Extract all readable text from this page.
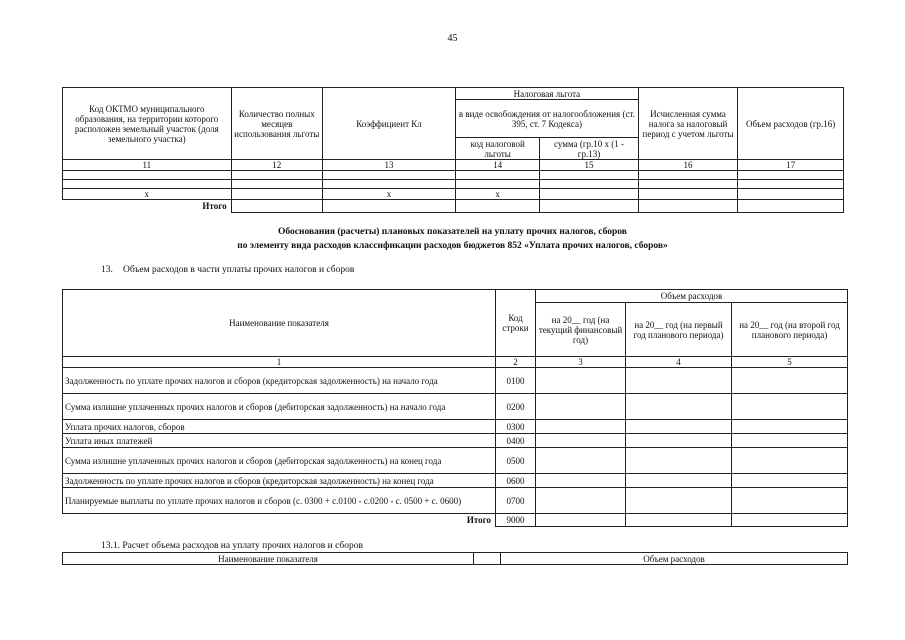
45
Код ОКТМО муниципального образования, на территории которого расположен земельный участок (доля земельного участка)	Количество полных месяцев использования льготы	Коэффициент Кл	Налоговая льгота		Исчисленная сумма налога за налоговый период с учетом льготы	Объем расходов (гр.16)
			в виде освобождения от налогообложения (ст. 395, ст. 7 Кодекса)			
			код налоговой льготы	сумма (гр.10 x (1 - гр.13)		
11	12	13	14	15	16	17

x		x	x			
Итого						
Обоснования (расчеты) плановых показателей на уплату прочих налогов, сборов
по элементу вида расходов классификации расходов бюджетов 852 «Уплата прочих налогов, сборов»
13. Объем расходов в части уплаты прочих налогов и сборов
Наименование показателя	Код строки	Объем расходов		
		на 20__ год (на текущий финансовый год)	на 20__ год (на первый год планового периода)	на 20__ год (на второй год планового периода)
1	2	3	4	5
Задолженность по уплате прочих налогов и сборов (кредиторская задолженность) на начало года	0100			
Сумма излишне уплаченных прочих налогов и сборов (дебиторская задолженность) на начало года	0200			
Уплата прочих налогов, сборов	0300			
Уплата иных платежей	0400			
Сумма излишне уплаченных прочих налогов и сборов (дебиторская задолженность) на конец года	0500			
Задолженность по уплате прочих налогов и сборов (кредиторская задолженность) на конец года	0600			
Планируемые выплаты по уплате прочих налогов и сборов (с. 0300 + с.0100 - с.0200 - с. 0500 + с. 0600)	0700			
Итого	9000			
13.1. Расчет объема расходов на уплату прочих налогов и сборов
Наименование показателя		Объем расходов
